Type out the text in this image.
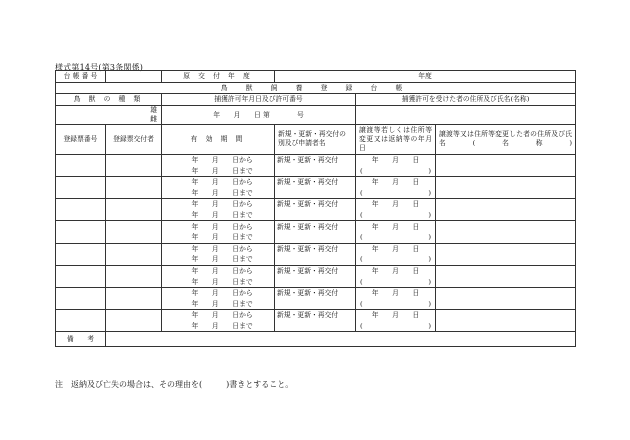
様式第14号(第3条関係)
台 帳 番 号		原 交 付 年 度		年度		
鳥 獣 飼 養 登 録 台 帳						
鳥 獣 の 種 類		捕獲許可年月日及び許可番号			捕獲許可を受けた者の住所及び氏名(名称)	

雄
雌		年　　月　　日 第　　　　号				

登録票番号	登録票交付者	有 効 期 間		新規・更新・再交付の別及び申請者名	譲渡等若しくは住所等変更又は返納等の年月日	譲渡等又は住所等変更した者の住所及び氏名(名称)

			年　　月　　日から	新規・更新・再交付	年　　月　　日	
			年　　月　　日まで		( )	

			年　　月　　日から	新規・更新・再交付	年　　月　　日	
			年　　月　　日まで		( )	

			年　　月　　日から	新規・更新・再交付	年　　月　　日	
			年　　月　　日まで		( )	

			年　　月　　日から	新規・更新・再交付	年　　月　　日	
			年　　月　　日まで		( )	

			年　　月　　日から	新規・更新・再交付	年　　月　　日	
			年　　月　　日まで		( )	

			年　　月　　日から	新規・更新・再交付	年　　月　　日	
			年　　月　　日まで		( )	

			年　　月　　日から	新規・更新・再交付	年　　月　　日	
			年　　月　　日まで		( )	

			年　　月　　日から	新規・更新・再交付	年　　月　　日	
			年　　月　　日まで		( )	

備　　考						
注　返納及び亡失の場合は、その理由を(　　　)書きとすること。
